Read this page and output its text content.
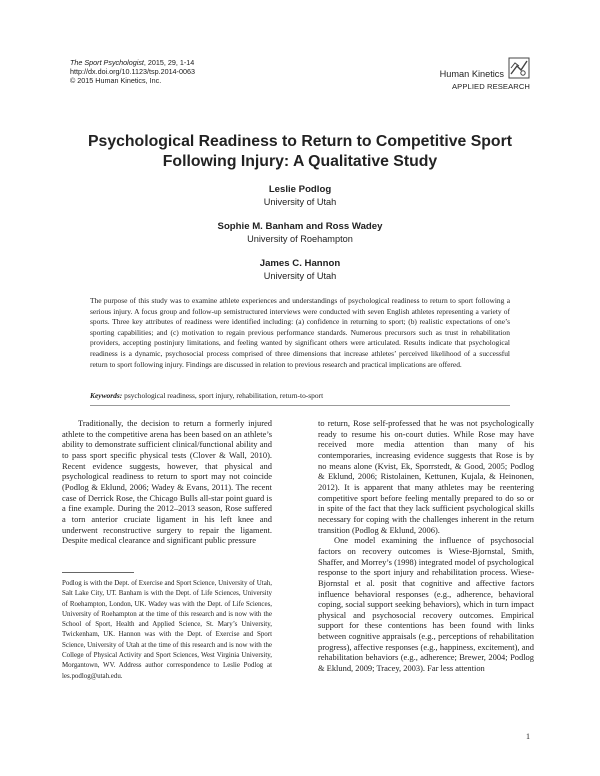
The Sport Psychologist, 2015, 29, 1-14
http://dx.doi.org/10.1123/tsp.2014-0063
© 2015 Human Kinetics, Inc.
Human Kinetics
APPLIED RESEARCH
Psychological Readiness to Return to Competitive Sport Following Injury: A Qualitative Study
Leslie Podlog
University of Utah
Sophie M. Banham and Ross Wadey
University of Roehampton
James C. Hannon
University of Utah
The purpose of this study was to examine athlete experiences and understandings of psychological readiness to return to sport following a serious injury. A focus group and follow-up semistructured interviews were conducted with seven English athletes representing a variety of sports. Three key attributes of readiness were identified including: (a) confidence in returning to sport; (b) realistic expectations of one’s sporting capabilities; and (c) motivation to regain previous performance standards. Numerous precursors such as trust in rehabilitation providers, accepting postinjury limitations, and feeling wanted by significant others were articulated. Results indicate that psychological readiness is a dynamic, psychosocial process comprised of three dimensions that increase athletes’ perceived likelihood of a successful return to sport following injury. Findings are discussed in relation to previous research and practical implications are offered.
Keywords: psychological readiness, sport injury, rehabilitation, return-to-sport

Traditionally, the decision to return a formerly injured athlete to the competitive arena has been based on an athlete’s ability to demonstrate sufficient clinical/functional ability and to pass sport specific physical tests (Clover & Wall, 2010). Recent evidence suggests, however, that physical and psychological readiness to return to sport may not coincide (Podlog & Eklund, 2006; Wadey & Evans, 2011). The recent case of Derrick Rose, the Chicago Bulls all-star point guard is a fine example. During the 2012–2013 season, Rose suffered a torn anterior cruciate ligament in his left knee and underwent reconstructive surgery to repair the ligament. Despite medical clearance and significant public pressure

to return, Rose self-professed that he was not psychologically ready to resume his on-court duties. While Rose may have received more media attention than many of his contemporaries, increasing evidence suggests that Rose is by no means alone (Kvist, Ek, Sporrstedt, & Good, 2005; Podlog & Eklund, 2006; Ristolainen, Kettunen, Kujala, & Heinonen, 2012). It is apparent that many athletes may be reentering competitive sport before feeling mentally prepared to do so or in spite of the fact that they lack sufficient psychological skills necessary for coping with the challenges inherent in the return transition (Podlog & Eklund, 2006).

One model examining the influence of psychosocial factors on recovery outcomes is Wiese-Bjornstal, Smith, Shaffer, and Morrey’s (1998) integrated model of psychological response to the sport injury and rehabilitation process. Wiese-Bjornstal et al. posit that cognitive and affective factors influence behavioral responses (e.g., adherence, behavioral coping, social support seeking behaviors), which in turn impact physical and psychosocial recovery outcomes. Empirical support for these contentions has been found with links between cognitive appraisals (e.g., perceptions of rehabilitation progress), affective responses (e.g., happiness, excitement), and rehabilitation behaviors (e.g., adherence; Brewer, 2004; Podlog & Eklund, 2009; Tracey, 2003). Far less attention

Podlog is with the Dept. of Exercise and Sport Science, University of Utah, Salt Lake City, UT. Banham is with the Dept. of Life Sciences, University of Roehampton, London, UK. Wadey was with the Dept. of Life Sciences, University of Roehampton at the time of this research and is now with the School of Sport, Health and Applied Science, St. Mary’s University, Twickenham, UK. Hannon was with the Dept. of Exercise and Sport Science, University of Utah at the time of this research and is now with the College of Physical Activity and Sport Sciences, West Virginia University, Morgantown, WV. Address author correspondence to Leslie Podlog at les.podlog@utah.edu.
1
